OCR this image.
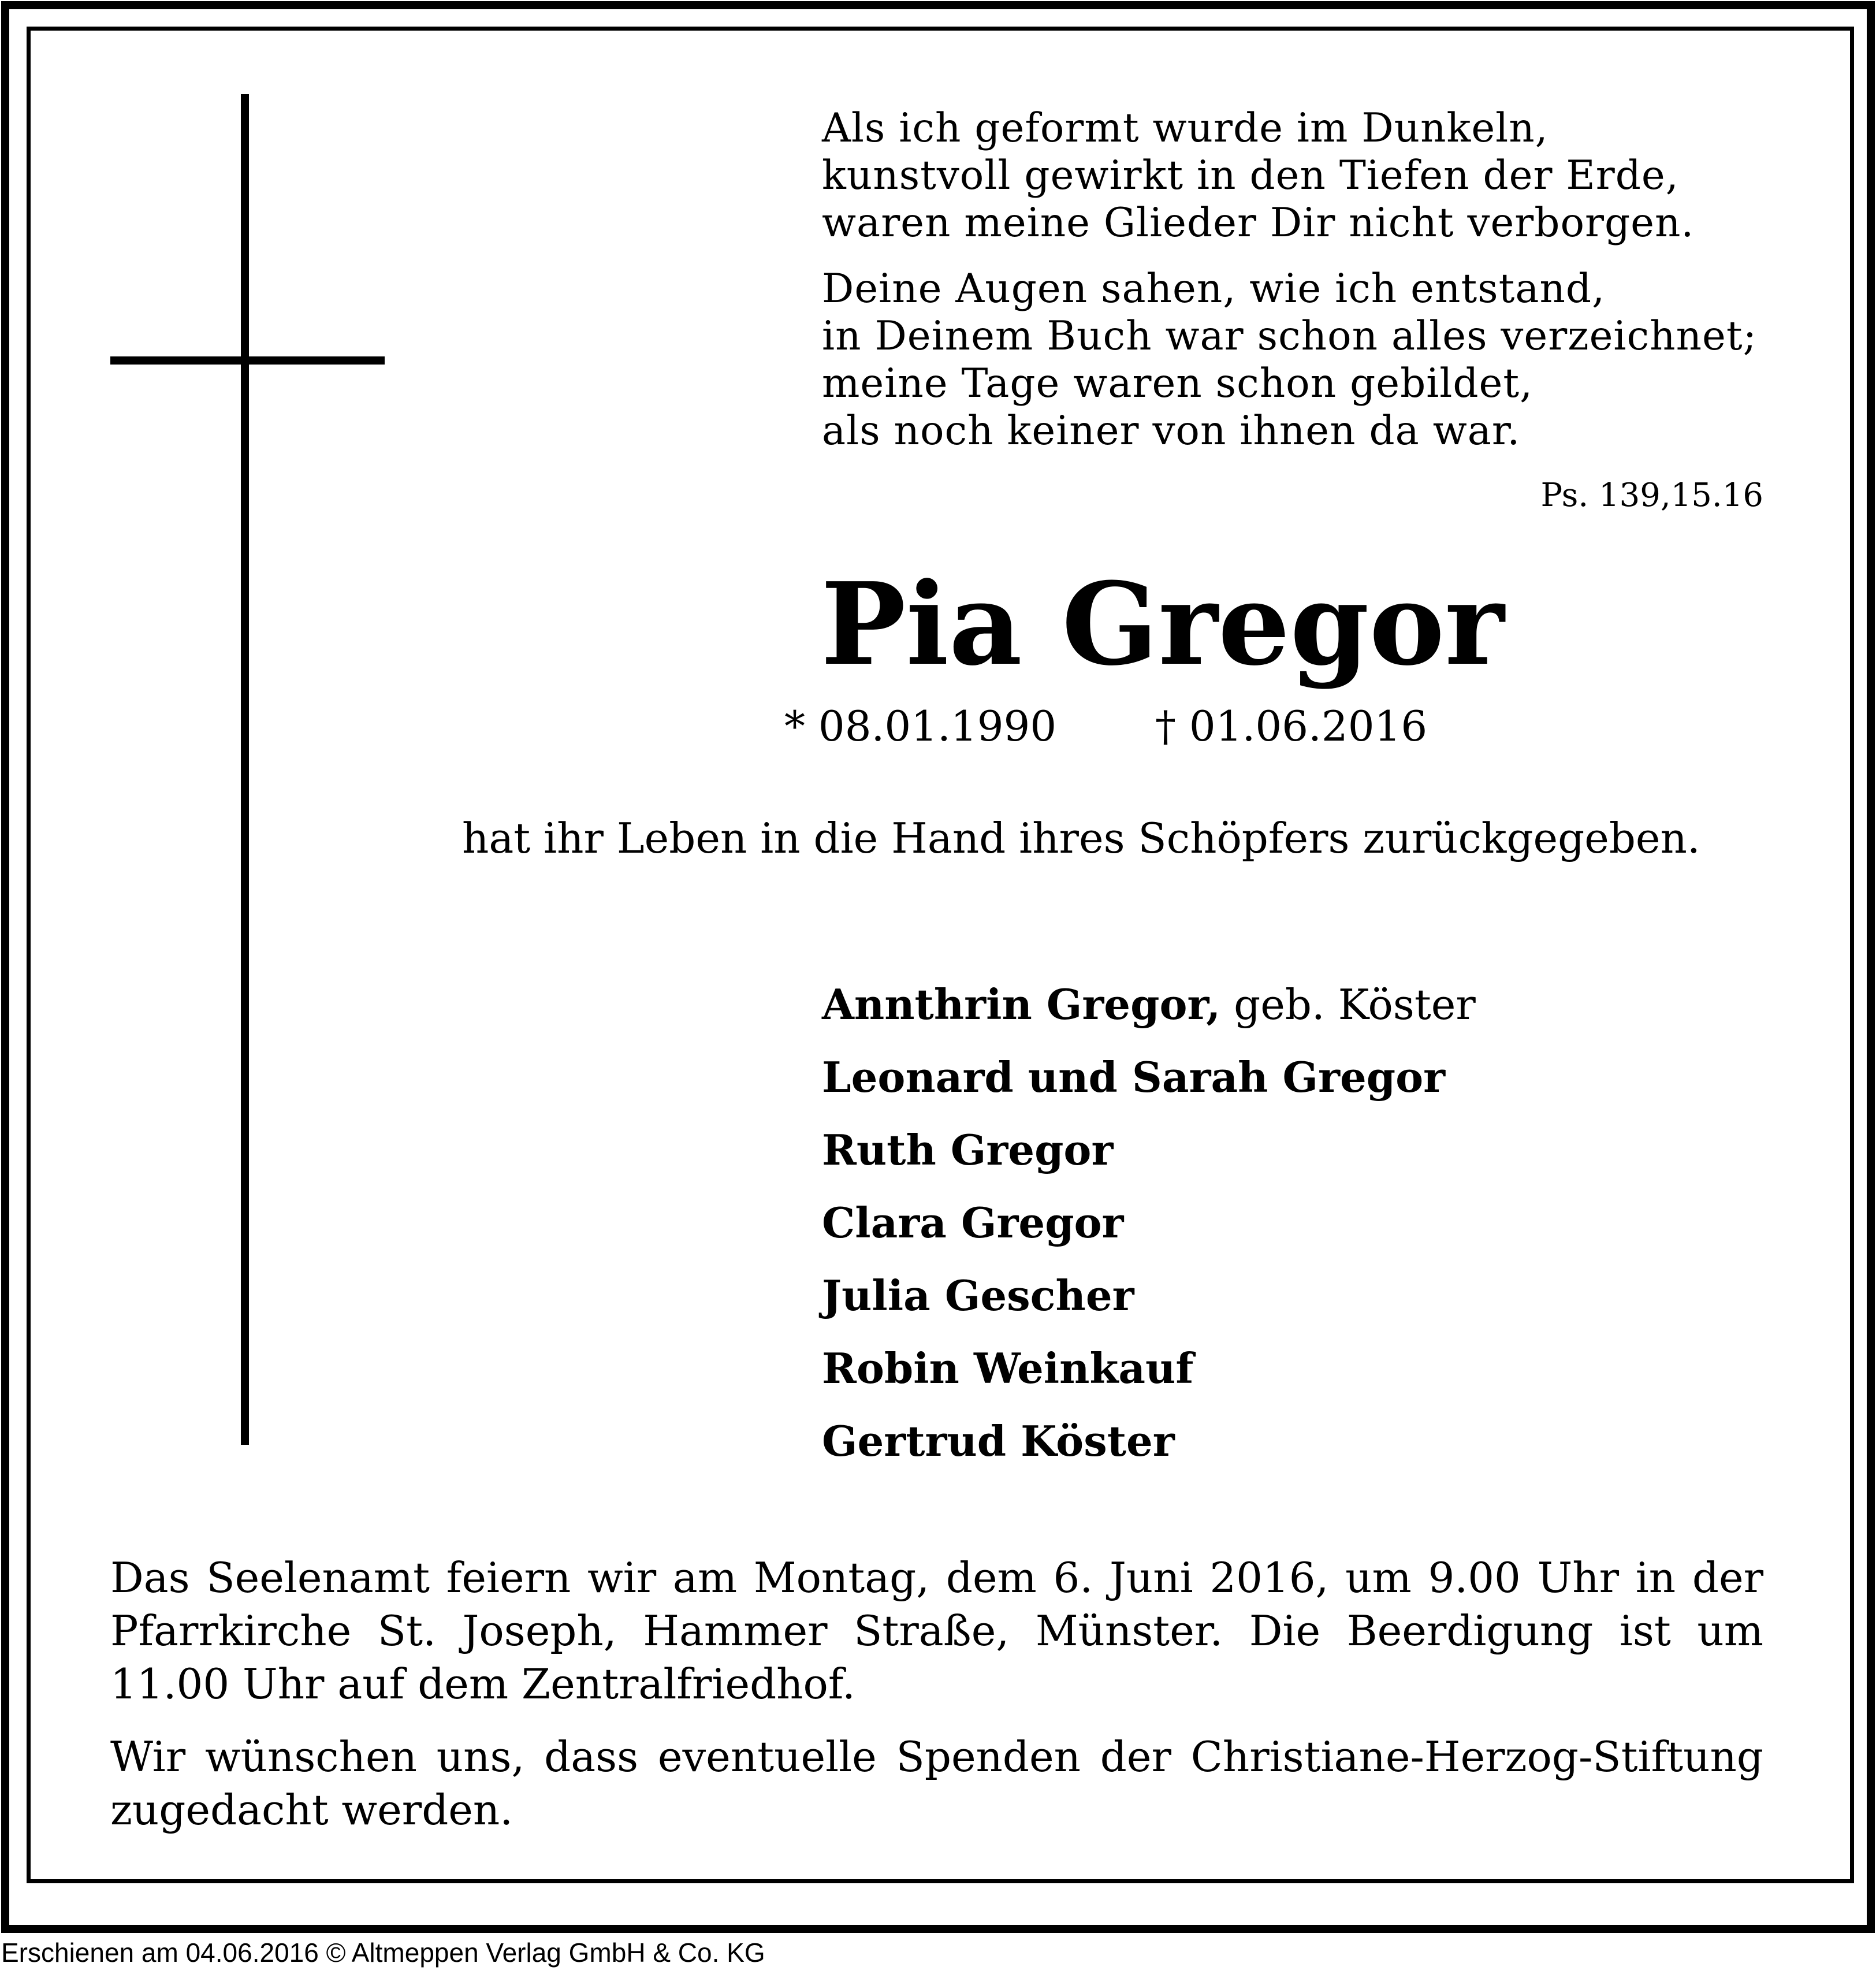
Als ich geformt wurde im Dunkeln,
kunstvoll gewirkt in den Tiefen der Erde,
waren meine Glieder Dir nicht verborgen.

Deine Augen sahen, wie ich entstand,
in Deinem Buch war schon alles verzeichnet;
meine Tage waren schon gebildet,
als noch keiner von ihnen da war.

Ps. 139,15.16
Pia Gregor
* 08.01.1990 † 01.06.2016
hat ihr Leben in die Hand ihres Schöpfers zurückgegeben.
Annthrin Gregor, geb. Köster
Leonard und Sarah Gregor
Ruth Gregor
Clara Gregor
Julia Gescher
Robin Weinkauf
Gertrud Köster

Das Seelenamt feiern wir am Montag, dem 6. Juni 2016, um 9.00 Uhr in der Pfarrkirche St. Joseph, Hammer Straße, Münster. Die Beerdigung ist um 11.00 Uhr auf dem Zentralfriedhof.

Wir wünschen uns, dass eventuelle Spenden der Christiane-Herzog-Stiftung zugedacht werden.

Erschienen am 04.06.2016 © Altmeppen Verlag GmbH & Co. KG
